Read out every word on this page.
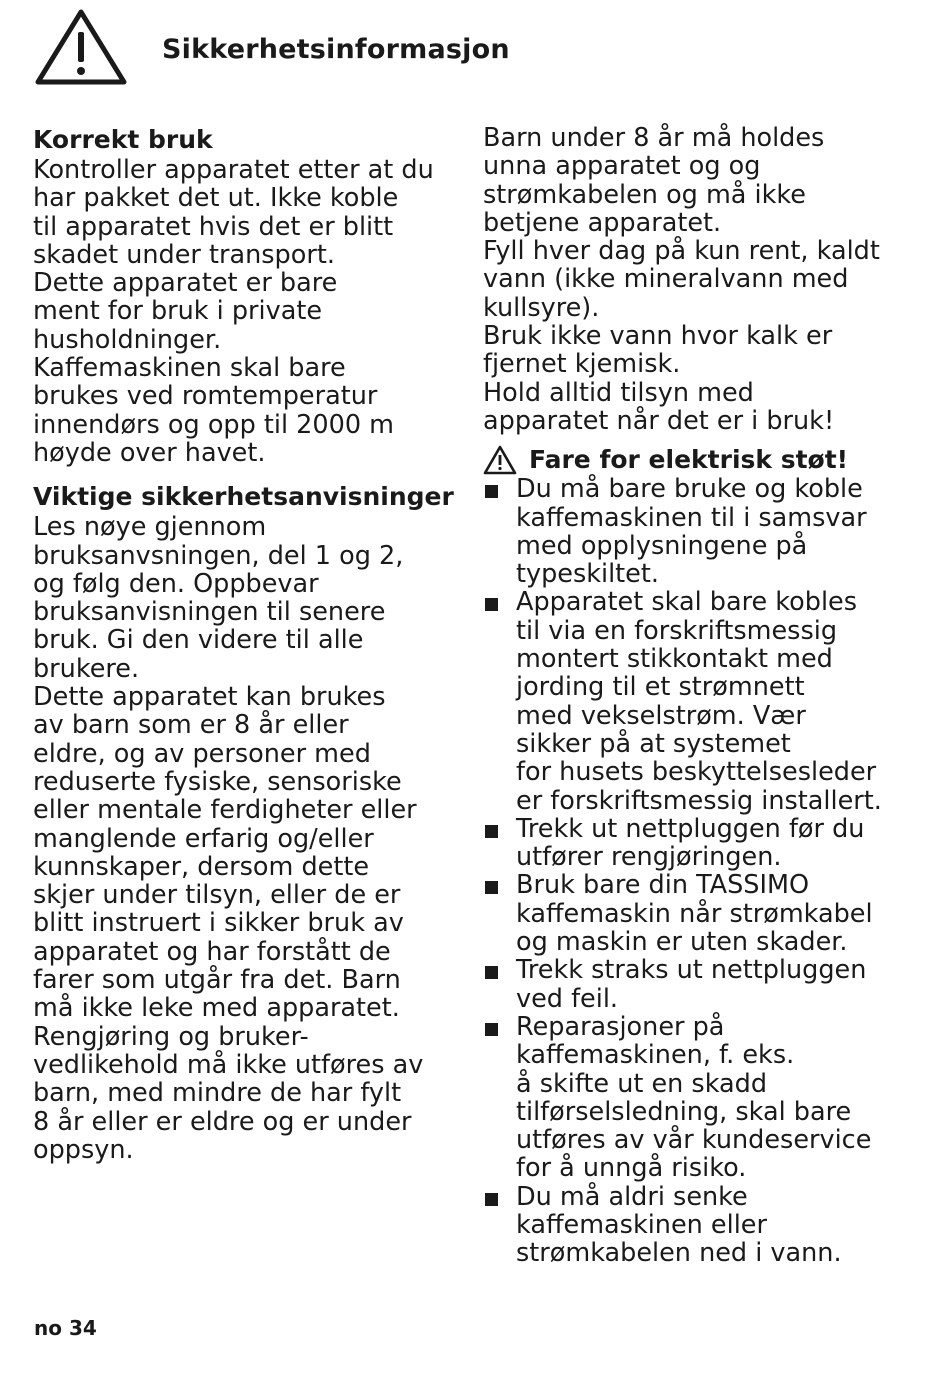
Sikkerhetsinformasjon
Korrekt bruk

Kontroller apparatet etter at du
har pakket det ut. Ikke koble
til apparatet hvis det er blitt
skadet under transport.
Dette apparatet er bare
ment for bruk i private
husholdninger.
Kaffemaskinen skal bare
brukes ved romtemperatur
innendørs og opp til 2000 m
høyde over havet.

Viktige sikkerhetsanvisninger

Les nøye gjennom
bruksanvsningen, del 1 og 2,
og følg den. Oppbevar
bruksanvisningen til senere
bruk. Gi den videre til alle
brukere.
Dette apparatet kan brukes
av barn som er 8 år eller
eldre, og av personer med
reduserte fysiske, sensoriske
eller mentale ferdigheter eller
manglende erfarig og/eller
kunnskaper, dersom dette
skjer under tilsyn, eller de er
blitt instruert i sikker bruk av
apparatet og har forstått de
farer som utgår fra det. Barn
må ikke leke med apparatet.
Rengjøring og bruker-
vedlikehold må ikke utføres av
barn, med mindre de har fylt
8 år eller er eldre og er under
oppsyn.

Barn under 8 år må holdes
unna apparatet og og
strømkabelen og må ikke
betjene apparatet.
Fyll hver dag på kun rent, kaldt
vann (ikke mineralvann med
kullsyre).
Bruk ikke vann hvor kalk er
fjernet kjemisk.
Hold alltid tilsyn med
apparatet når det er i bruk!

Fare for elektrisk støt!
Du må bare bruke og koble
kaffemaskinen til i samsvar
med opplysningene på
typeskiltet.
Apparatet skal bare kobles
til via en forskriftsmessig
montert stikkontakt med
jording til et strømnett
med vekselstrøm. Vær
sikker på at systemet
for husets beskyttelsesleder
er forskriftsmessig installert.
Trekk ut nettpluggen før du
utfører rengjøringen.
Bruk bare din TASSIMO
kaffemaskin når strømkabel
og maskin er uten skader.
Trekk straks ut nettpluggen
ved feil.
Reparasjoner på
kaffemaskinen, f. eks.
å skifte ut en skadd
tilførselsledning, skal bare
utføres av vår kundeservice
for å unngå risiko.
Du må aldri senke
kaffemaskinen eller
strømkabelen ned i vann.
no 34
